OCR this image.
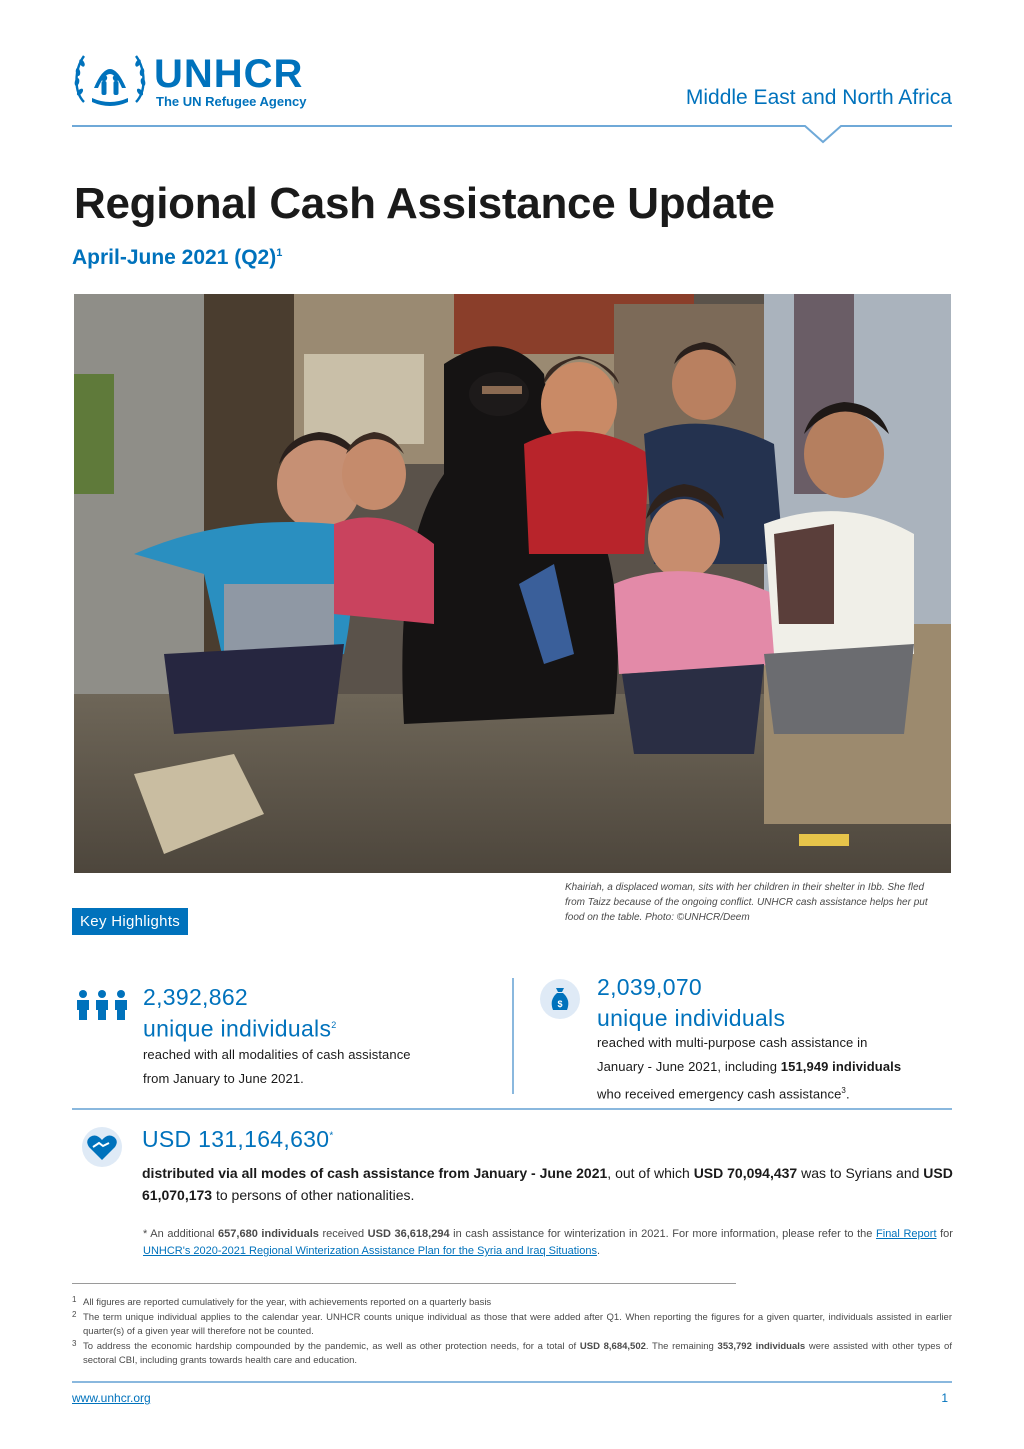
UNHCR
The UN Refugee Agency	Middle East and North Africa
Regional Cash Assistance Update
April-June 2021 $(Q2)^1$
Khairiah, a displaced woman, sits with her children in their shelter in Ibb. She fled from Taizz because of the ongoing conflict. UNHCR cash assistance helps her put food on the table. Photo: ©UNHCR/Deem
Key Highlights
2,392,862
unique individuals$^2$
reached with all modalities of cash assistance
from January to June 2021.
$
2,039,070
unique individuals
reached with multi-purpose cash assistance in
January - June 2021, including 151,949 individuals
who received emergency cash assistance$^3$.
USD 131,164,630*
distributed via all modes of cash assistance from January - June 2021, out of which USD 70,094,437 was to Syrians and USD 61,070,173 to persons of other nationalities.
* An additional 657,680 individuals received USD 36,618,294 in cash assistance for winterization in 2021. For more information, please refer to the Final Report for UNHCR's 2020-2021 Regional Winterization Assistance Plan for the Syria and Iraq Situations.
1 All figures are reported cumulatively for the year, with achievements reported on a quarterly basis
2 The term unique individual applies to the calendar year. UNHCR counts unique individual as those that were added after Q1. When reporting the figures for a given quarter, individuals assisted in earlier quarter(s) of a given year will therefore not be counted.
3 To address the economic hardship compounded by the pandemic, as well as other protection needs, for a total of USD 8,684,502. The remaining 353,792 individuals were assisted with other types of sectoral CBI, including grants towards health care and education.
www.unhcr.org	1
